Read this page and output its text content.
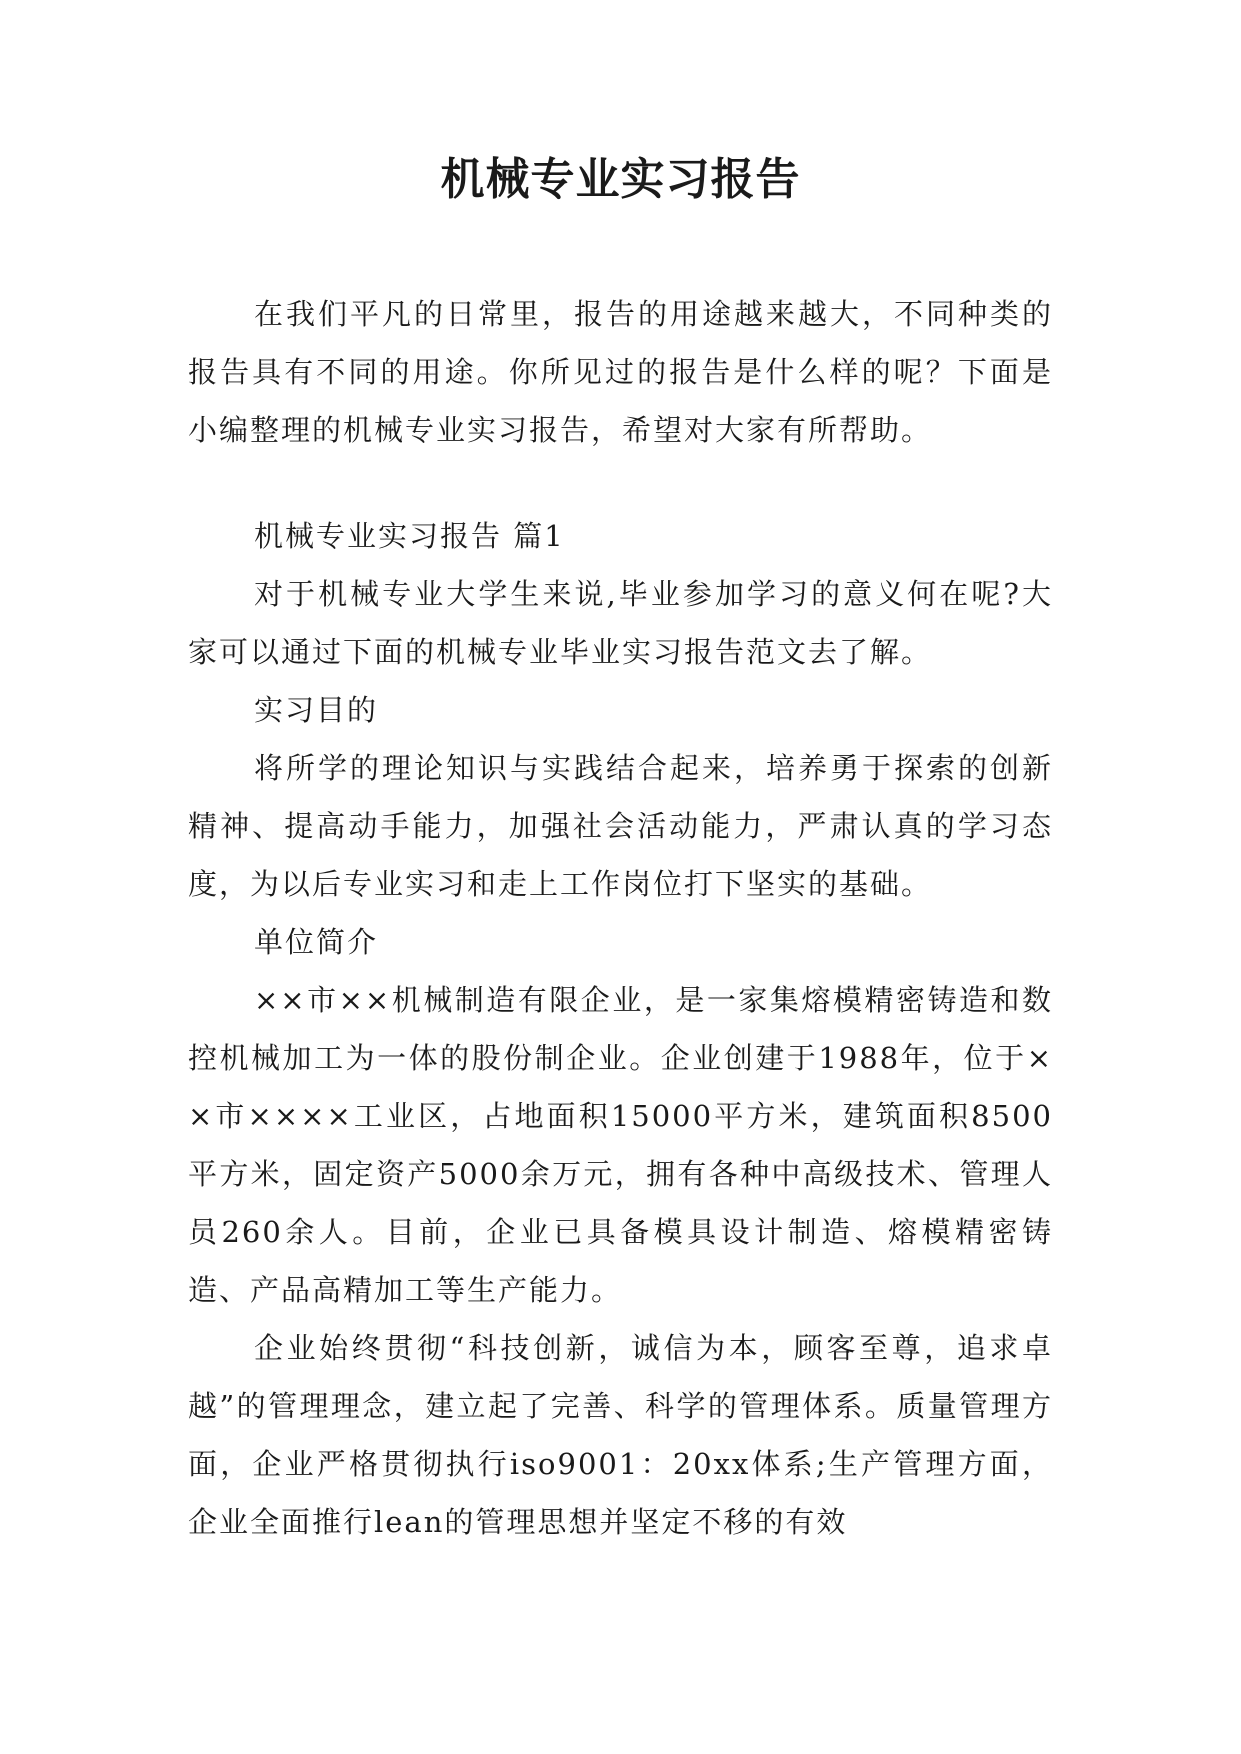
机械专业实习报告

在我们平凡的日常里，报告的用途越来越大，不同种类的报告具有不同的用途。你所见过的报告是什么样的呢？下面是小编整理的机械专业实习报告，希望对大家有所帮助。

机械专业实习报告 篇1

对于机械专业大学生来说,毕业参加学习的意义何在呢?大家可以通过下面的机械专业毕业实习报告范文去了解。

实习目的

将所学的理论知识与实践结合起来，培养勇于探索的创新精神、提高动手能力，加强社会活动能力，严肃认真的学习态度，为以后专业实习和走上工作岗位打下坚实的基础。

单位简介

××市××机械制造有限企业，是一家集熔模精密铸造和数控机械加工为一体的股份制企业。企业创建于1988年，位于××市××××工业区，占地面积15000平方米，建筑面积8500平方米，固定资产5000余万元，拥有各种中高级技术、管理人员260余人。目前，企业已具备模具设计制造、熔模精密铸造、产品高精加工等生产能力。

企业始终贯彻“科技创新，诚信为本，顾客至尊，追求卓越”的管理理念，建立起了完善、科学的管理体系。质量管理方面，企业严格贯彻执行iso9001：20xx体系;生产管理方面，企业全面推行lean的管理思想并坚定不移的有效
